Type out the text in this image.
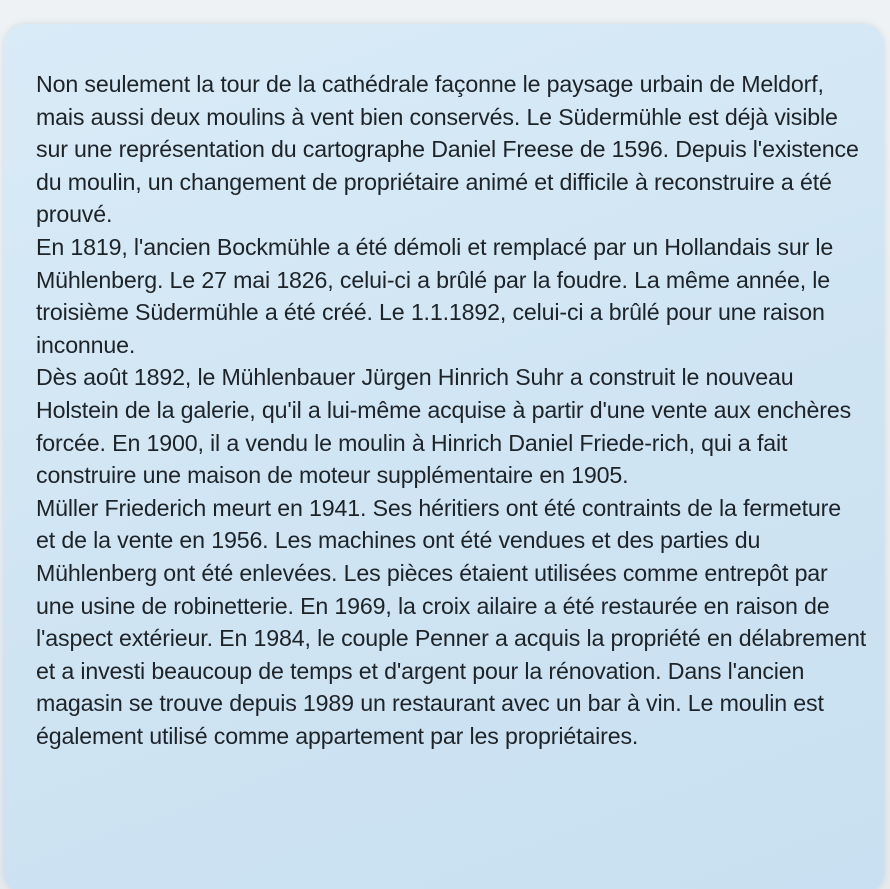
Non seulement la tour de la cathédrale façonne le paysage urbain de Meldorf, mais aussi deux moulins à vent bien conservés. Le Südermühle est déjà visible sur une représentation du cartographe Daniel Freese de 1596. Depuis l'existence du moulin, un changement de propriétaire animé et difficile à reconstruire a été prouvé.

En 1819, l'ancien Bockmühle a été démoli et remplacé par un Hollandais sur le Mühlenberg. Le 27 mai 1826, celui-ci a brûlé par la foudre. La même année, le troisième Südermühle a été créé. Le 1.1.1892, celui-ci a brûlé pour une raison inconnue.

Dès août 1892, le Mühlenbauer Jürgen Hinrich Suhr a construit le nouveau Holstein de la galerie, qu'il a lui-même acquise à partir d'une vente aux enchères forcée. En 1900, il a vendu le moulin à Hinrich Daniel Friede-rich, qui a fait construire une maison de moteur supplémentaire en 1905.

Müller Friederich meurt en 1941. Ses héritiers ont été contraints de la fermeture et de la vente en 1956. Les machines ont été vendues et des parties du Mühlenberg ont été enlevées. Les pièces étaient utilisées comme entrepôt par une usine de robinetterie. En 1969, la croix ailaire a été restaurée en raison de l'aspect extérieur. En 1984, le couple Penner a acquis la propriété en délabrement et a investi beaucoup de temps et d'argent pour la rénovation. Dans l'ancien magasin se trouve depuis 1989 un restaurant avec un bar à vin. Le moulin est également utilisé comme appartement par les propriétaires.
